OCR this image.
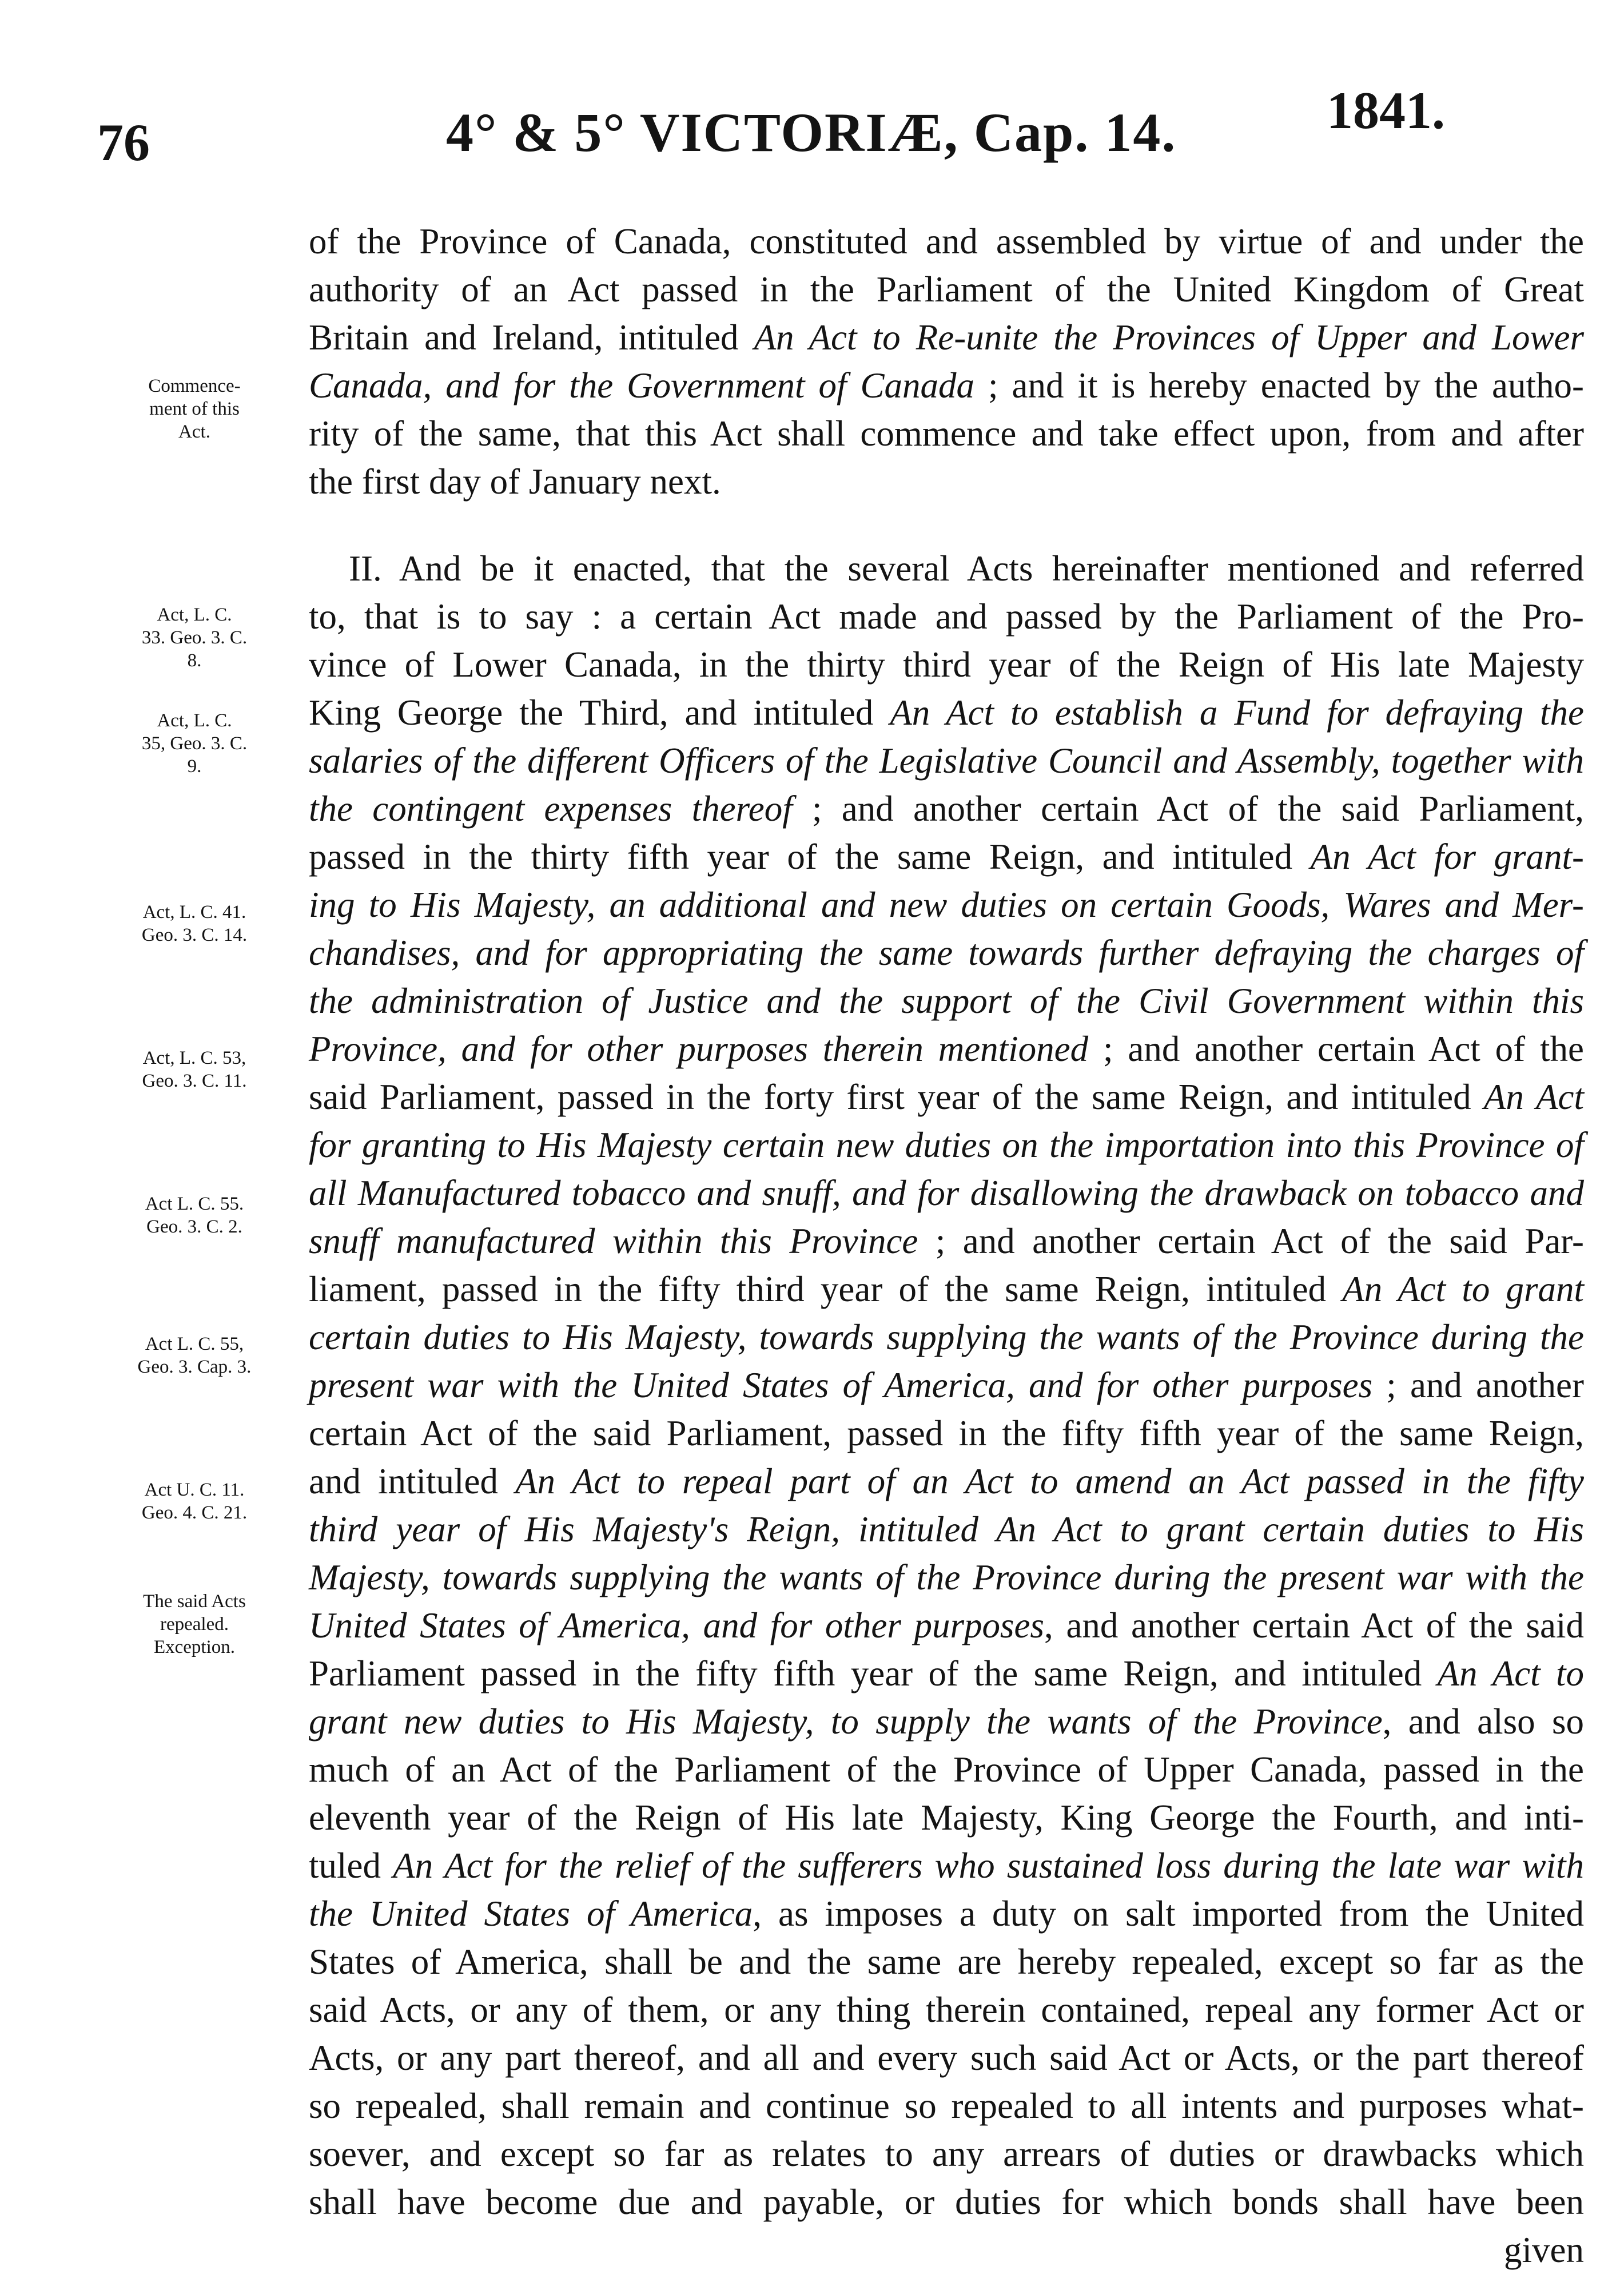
76	4° & 5° VICTORIÆ, Cap. 14.	1841.
Commence-
ment of this
Act.
Act, L. C.
33. Geo. 3. C.
8.
Act, L. C.
35, Geo. 3. C.
9.
Act, L. C. 41.
Geo. 3. C. 14.
Act, L. C. 53,
Geo. 3. C. 11.
Act L. C. 55.
Geo. 3. C. 2.
Act L. C. 55,
Geo. 3. Cap. 3.
Act U. C. 11.
Geo. 4. C. 21.
The said Acts
repealed.
Exception.
of the Province of Canada, constituted and assembled by virtue of and under the
authority of an Act passed in the Parliament of the United Kingdom of Great
Britain and Ireland, intituled An Act to Re-unite the Provinces of Upper and Lower
Canada, and for the Government of Canada ; and it is hereby enacted by the autho-
rity of the same, that this Act shall commence and take effect upon, from and after
the first day of January next.
II. And be it enacted, that the several Acts hereinafter mentioned and referred
to, that is to say : a certain Act made and passed by the Parliament of the Pro-
vince of Lower Canada, in the thirty third year of the Reign of His late Majesty
King George the Third, and intituled An Act to establish a Fund for defraying the
salaries of the different Officers of the Legislative Council and Assembly, together with
the contingent expenses thereof ; and another certain Act of the said Parliament,
passed in the thirty fifth year of the same Reign, and intituled An Act for grant-
ing to His Majesty, an additional and new duties on certain Goods, Wares and Mer-
chandises, and for appropriating the same towards further defraying the charges of
the administration of Justice and the support of the Civil Government within this
Province, and for other purposes therein mentioned ; and another certain Act of the
said Parliament, passed in the forty first year of the same Reign, and intituled An Act
for granting to His Majesty certain new duties on the importation into this Province of
all Manufactured tobacco and snuff, and for disallowing the drawback on tobacco and
snuff manufactured within this Province ; and another certain Act of the said Par-
liament, passed in the fifty third year of the same Reign, intituled An Act to grant
certain duties to His Majesty, towards supplying the wants of the Province during the
present war with the United States of America, and for other purposes ; and another
certain Act of the said Parliament, passed in the fifty fifth year of the same Reign,
and intituled An Act to repeal part of an Act to amend an Act passed in the fifty
third year of His Majesty's Reign, intituled An Act to grant certain duties to His
Majesty, towards supplying the wants of the Province during the present war with the
United States of America, and for other purposes, and another certain Act of the said
Parliament passed in the fifty fifth year of the same Reign, and intituled An Act to
grant new duties to His Majesty, to supply the wants of the Province, and also so
much of an Act of the Parliament of the Province of Upper Canada, passed in the
eleventh year of the Reign of His late Majesty, King George the Fourth, and inti-
tuled An Act for the relief of the sufferers who sustained loss during the late war with
the United States of America, as imposes a duty on salt imported from the United
States of America, shall be and the same are hereby repealed, except so far as the
said Acts, or any of them, or any thing therein contained, repeal any former Act or
Acts, or any part thereof, and all and every such said Act or Acts, or the part thereof
so repealed, shall remain and continue so repealed to all intents and purposes what-
soever, and except so far as relates to any arrears of duties or drawbacks which
shall have become due and payable, or duties for which bonds shall have been
given
